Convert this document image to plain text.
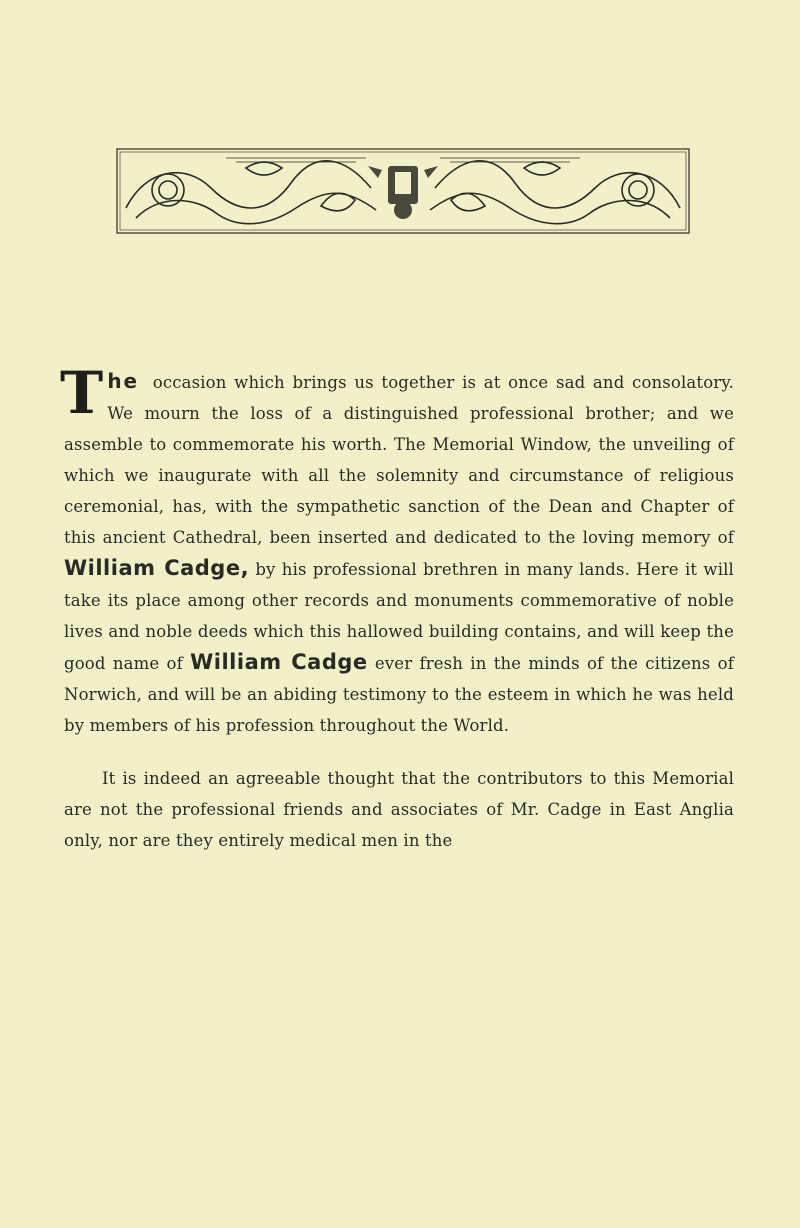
The occasion which brings us together is at once sad and consolatory. We mourn the loss of a distinguished professional brother; and we assemble to commemorate his worth. The Memorial Window, the unveiling of which we inaugurate with all the solemnity and circumstance of religious ceremonial, has, with the sympathetic sanction of the Dean and Chapter of this ancient Cathedral, been inserted and dedicated to the loving memory of William Cadge, by his professional brethren in many lands. Here it will take its place among other records and monuments commemorative of noble lives and noble deeds which this hallowed building contains, and will keep the good name of William Cadge ever fresh in the minds of the citizens of Norwich, and will be an abiding testimony to the esteem in which he was held by members of his profession throughout the World.

It is indeed an agreeable thought that the contributors to this Memorial are not the professional friends and associates of Mr. Cadge in East Anglia only, nor are they entirely medical men in the
